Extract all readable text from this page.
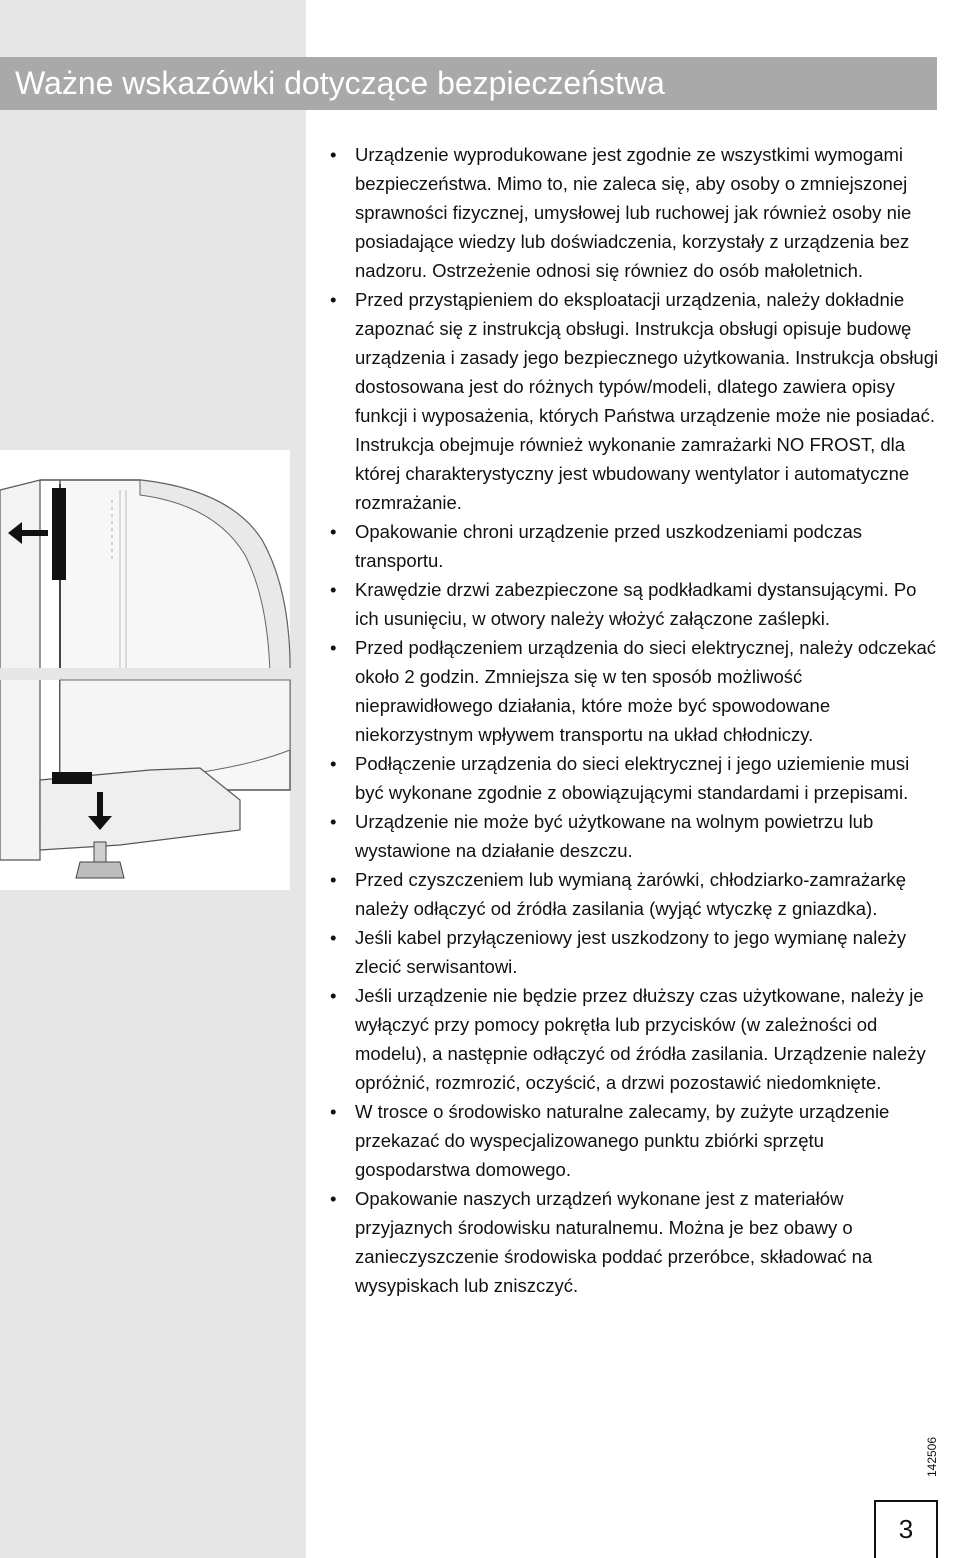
Ważne wskazówki dotyczące bezpieczeństwa
• Urządzenie wyprodukowane jest zgodnie ze wszystkimi wymogami bezpieczeństwa. Mimo to, nie zaleca się, aby osoby o zmniejszonej sprawności fizycznej, umysłowej lub ruchowej jak również osoby nie posiadające wiedzy lub doświadczenia, korzystały z urządzenia bez nadzoru. Ostrzeżenie odnosi się równiez do osób małoletnich.
• Przed przystąpieniem do eksploatacji urządzenia, należy dokładnie zapoznać się z instrukcją obsługi. Instrukcja obsługi opisuje budowę urządzenia i zasady jego bezpiecznego użytkowania. Instrukcja obsługi dostosowana jest do różnych typów/modeli, dlatego zawiera opisy funkcji i wyposażenia, których Państwa urządzenie może nie posiadać. Instrukcja obejmuje również wykonanie zamrażarki NO FROST, dla której charakterystyczny jest wbudowany wentylator i automatyczne rozmrażanie.
• Opakowanie chroni urządzenie przed uszkodzeniami podczas transportu.
• Krawędzie drzwi zabezpieczone są podkładkami dystansującymi. Po ich usunięciu, w otwory należy włożyć załączone zaślepki.
• Przed podłączeniem urządzenia do sieci elektrycznej, należy odczekać około 2 godzin. Zmniejsza się w ten sposób możliwość nieprawidłowego działania, które może być spowodowane niekorzystnym wpływem transportu na układ chłodniczy.
• Podłączenie urządzenia do sieci elektrycznej i jego uziemienie musi być wykonane zgodnie z obowiązującymi standardami i przepisami.
• Urządzenie nie może być użytkowane na wolnym powietrzu lub wystawione na działanie deszczu.
• Przed czyszczeniem lub wymianą żarówki, chłodziarko-zamrażarkę należy odłączyć od źródła zasilania (wyjąć wtyczkę z gniazdka).
• Jeśli kabel przyłączeniowy jest uszkodzony to jego wymianę należy zlecić serwisantowi.
• Jeśli urządzenie nie będzie przez dłuższy czas użytkowane, należy je wyłączyć przy pomocy pokrętła lub przycisków (w zależności od modelu), a następnie odłączyć od źródła zasilania. Urządzenie należy opróżnić, rozmrozić, oczyścić, a drzwi pozostawić niedomknięte.
• W trosce o środowisko naturalne zalecamy, by zużyte urządzenie przekazać do wyspecjalizowanego punktu zbiórki sprzętu gospodarstwa domowego.
• Opakowanie naszych urządzeń wykonane jest z materiałów przyjaznych środowisku naturalnemu. Można je bez obawy o zanieczyszczenie środowiska poddać przeróbce, składować na wysypiskach lub zniszczyć.
142506
3
